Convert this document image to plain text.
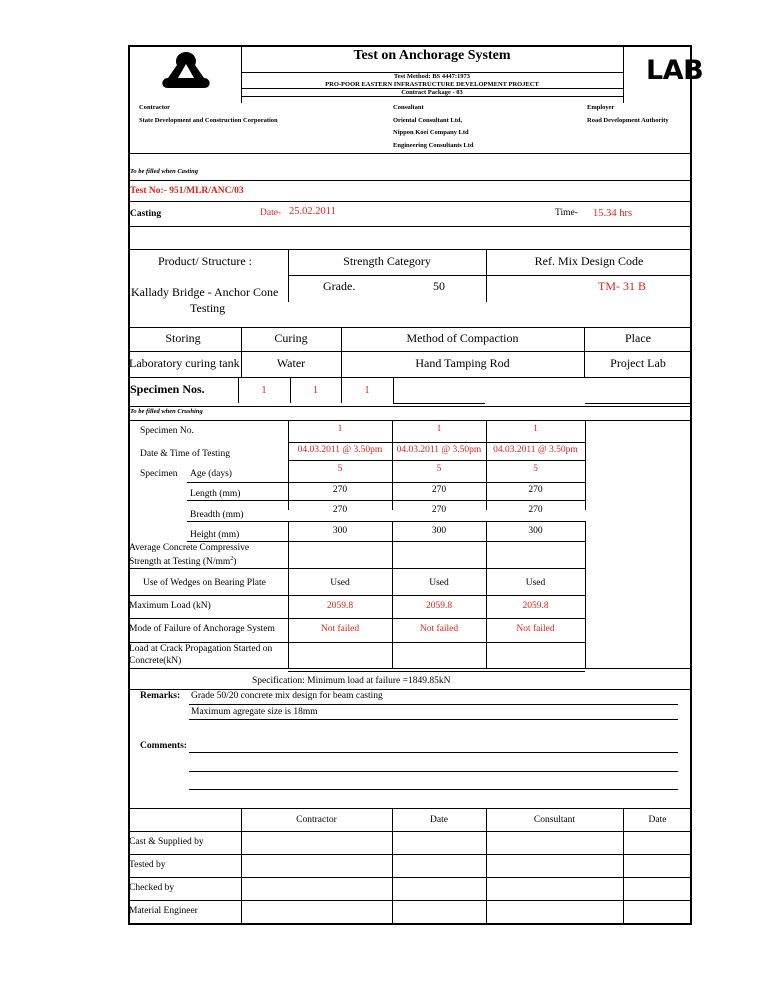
LAB
Test on Anchorage System
Test Method: BS 4447:1973
PRO-POOR EASTERN INFRASTRUCTURE DEVELOPMENT PROJECT
Contract Package - 03
Contractor
State Development and Construction Corporation
Consultant
Oriental Consultant Ltd,
Nippon Koei Company Ltd
Engineering Consultants Ltd
Employer
Road Development Authority
To be filled when Casting
Test No:- 951/MLR/ANC/03
Casting	Date- 25.02.2011	Time- 15.34 hrs
Product/ Structure :	Strength Category	Ref. Mix Design Code
Kallady Bridge - Anchor Cone
Testing
Grade.	50	TM- 31 B
Storing	Curing	Method of Compaction	Place
Laboratory curing tank	Water	Hand Tamping Rod	Project Lab
Specimen Nos.	1	1	1
To be filled when Crushing
Specimen No.	1	1	1
Date & Time of Testing	04.03.2011 @ 3.50pm	04.03.2011 @ 3.50pm	04.03.2011 @ 3.50pm
Specimen Age (days)	5	5	5
Length (mm)	270	270	270
Breadth (mm)	270	270	270
Height (mm)	300	300	300
Average Concrete Compressive
Strength at Testing $(N/mm^2)$
Use of Wedges on Bearing Plate	Used	Used	Used
Maximum Load (kN)	2059.8	2059.8	2059.8
Mode of Failure of Anchorage System	Not failed	Not failed	Not failed
Load at Crack Propagation Started on
Concrete(kN)
Specification: Minimum load at failure =1849.85kN
Remarks: Grade 50/20 concrete mix design for beam casting
Maximum agregate size is 18mm
Comments:
Contractor	Date	Consultant	Date
Cast & Supplied by
Tested by
Checked by
Material Engineer
